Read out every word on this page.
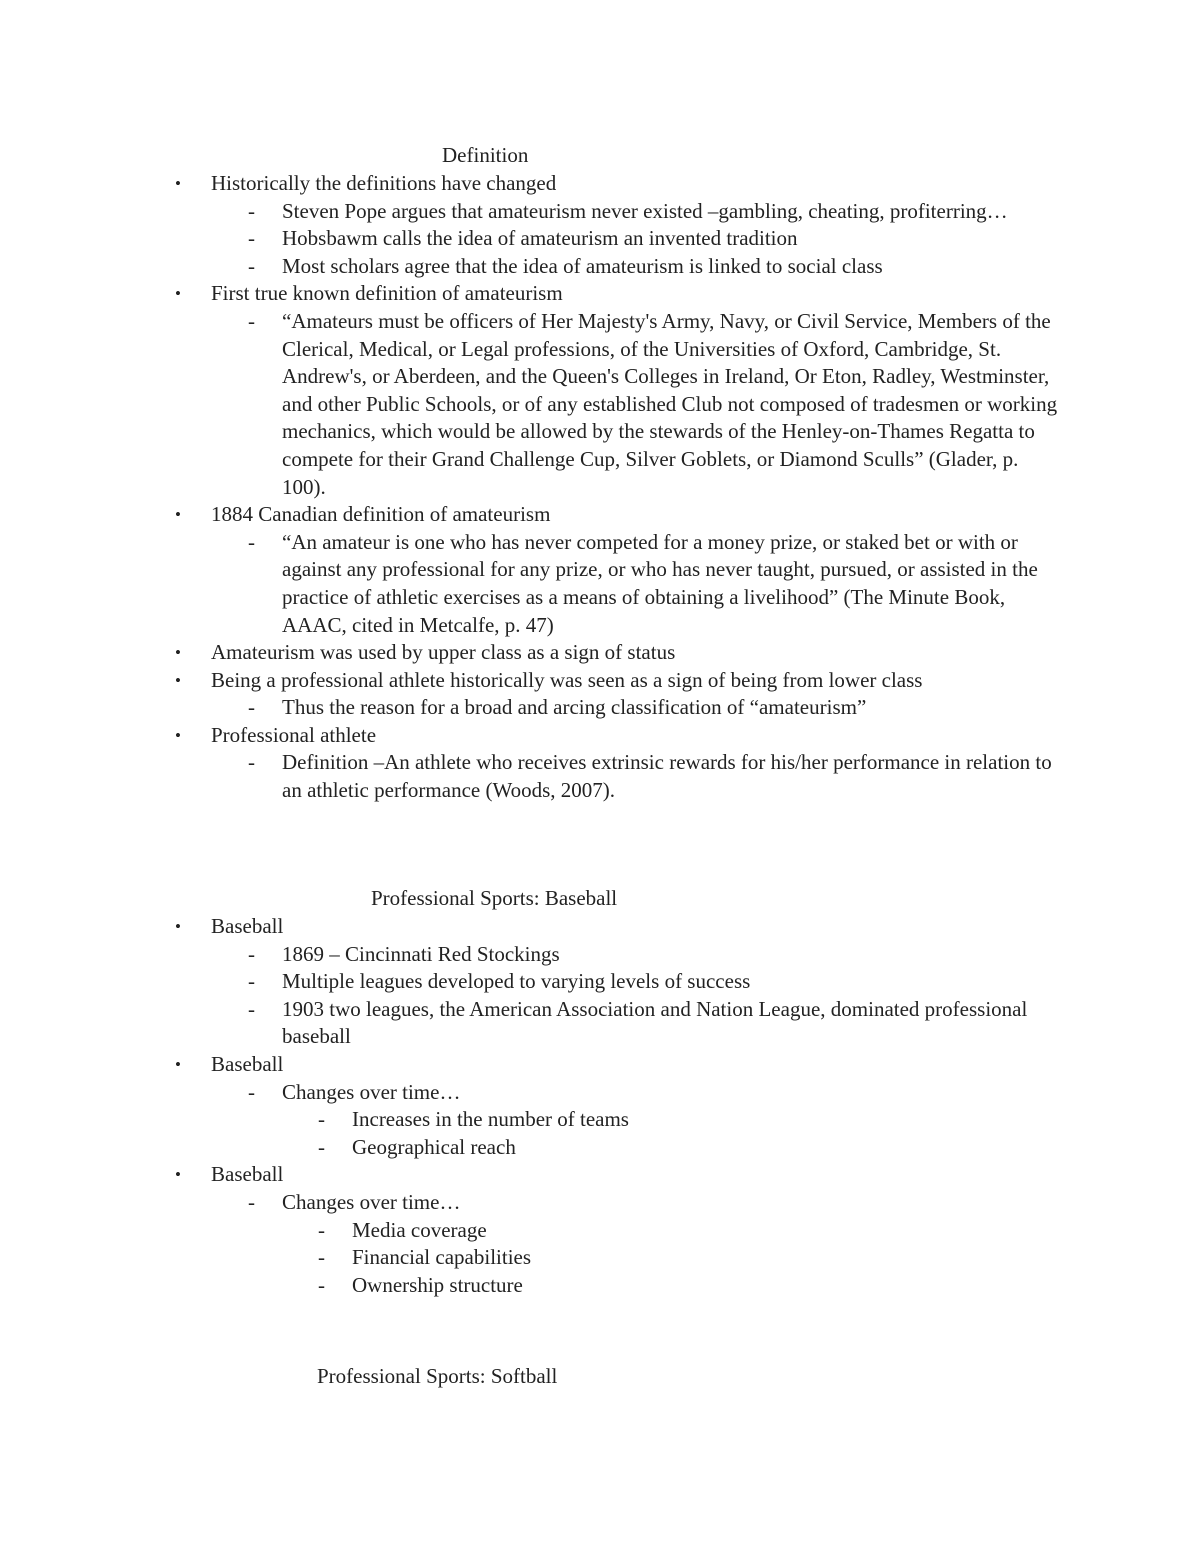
Definition
• Historically the definitions have changed
- Steven Pope argues that amateurism never existed –gambling, cheating, profiterring…
- Hobsbawm calls the idea of amateurism an invented tradition
- Most scholars agree that the idea of amateurism is linked to social class
• First true known definition of amateurism
- “Amateurs must be officers of Her Majesty's Army, Navy, or Civil Service, Members of the Clerical, Medical, or Legal professions, of the Universities of Oxford, Cambridge, St. Andrew's, or Aberdeen, and the Queen's Colleges in Ireland, Or Eton, Radley, Westminster, and other Public Schools, or of any established Club not composed of tradesmen or working mechanics, which would be allowed by the stewards of the Henley-on-Thames Regatta to compete for their Grand Challenge Cup, Silver Goblets, or Diamond Sculls” (Glader, p. 100).
• 1884 Canadian definition of amateurism
- “An amateur is one who has never competed for a money prize, or staked bet or with or against any professional for any prize, or who has never taught, pursued, or assisted in the practice of athletic exercises as a means of obtaining a livelihood” (The Minute Book, AAAC, cited in Metcalfe, p. 47)
• Amateurism was used by upper class as a sign of status
• Being a professional athlete historically was seen as a sign of being from lower class
- Thus the reason for a broad and arcing classification of “amateurism”
• Professional athlete
- Definition –An athlete who receives extrinsic rewards for his/her performance in relation to an athletic performance (Woods, 2007).
Professional Sports: Baseball
• Baseball
- 1869 – Cincinnati Red Stockings
- Multiple leagues developed to varying levels of success
- 1903 two leagues, the American Association and Nation League, dominated professional baseball
• Baseball
- Changes over time…
- Increases in the number of teams
- Geographical reach
• Baseball
- Changes over time…
- Media coverage
- Financial capabilities
- Ownership structure
Professional Sports: Softball
